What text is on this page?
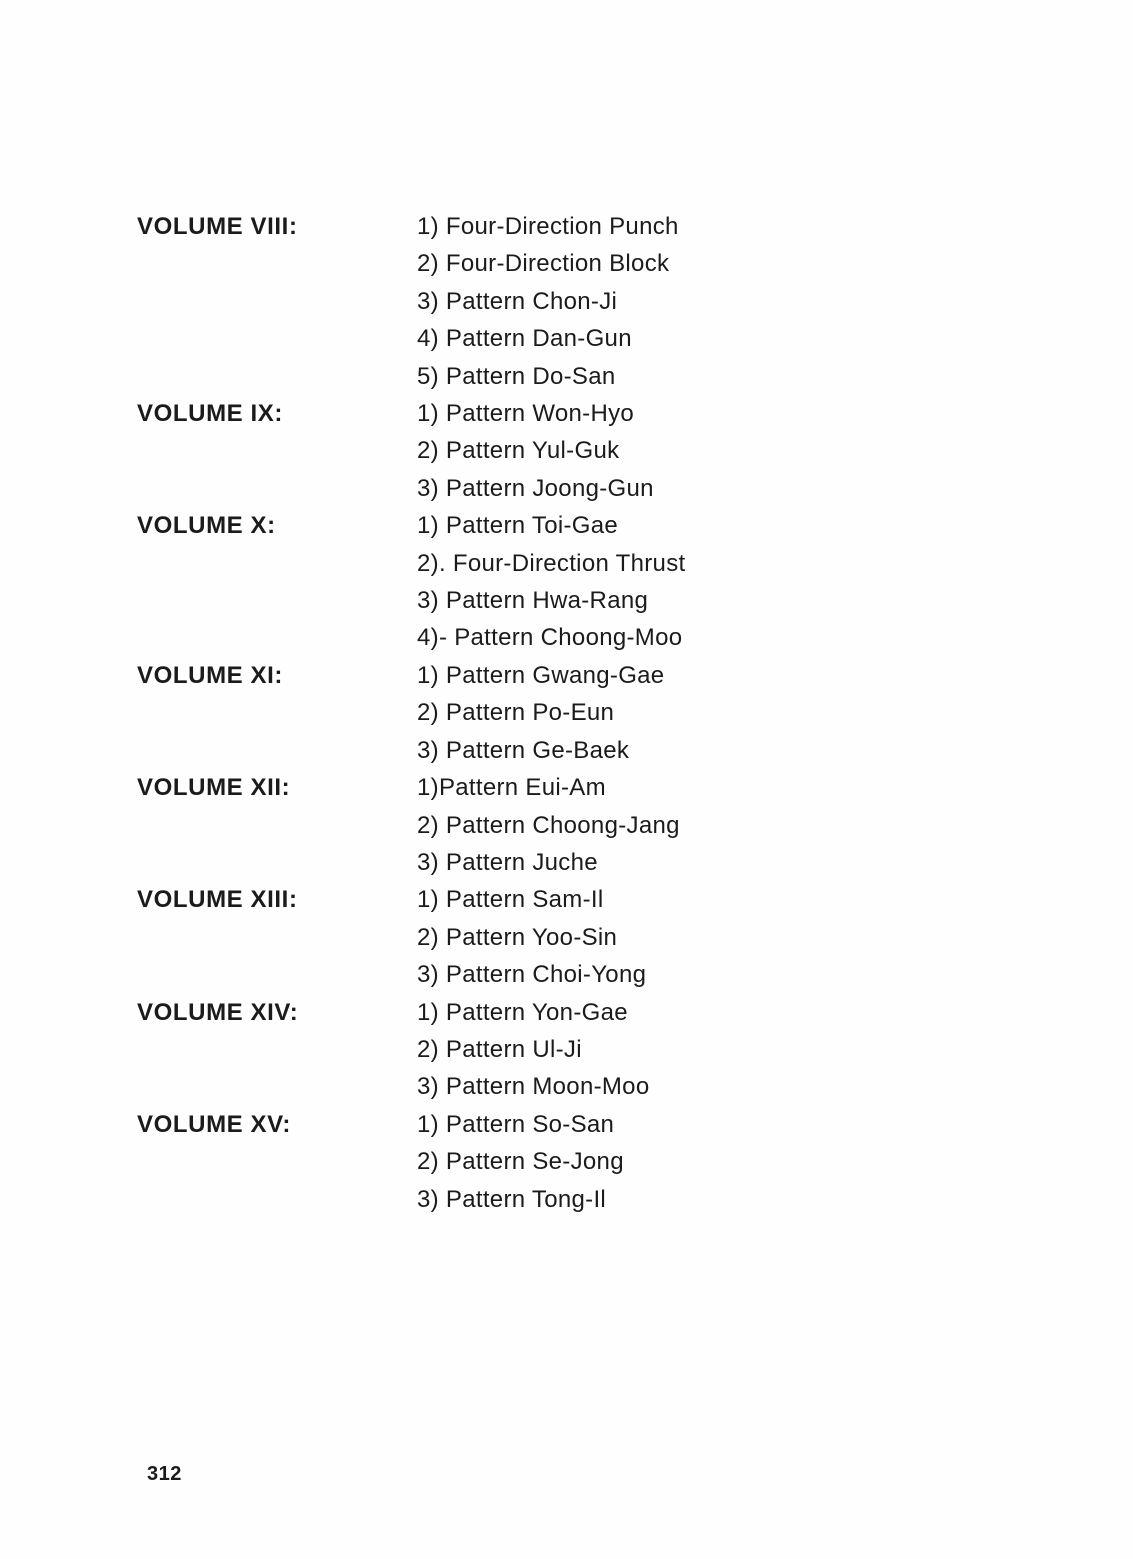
VOLUME VIII:	1) Four-Direction Punch
2) Four-Direction Block
3) Pattern Chon-Ji
4) Pattern Dan-Gun
5) Pattern Do-San
VOLUME IX:	1) Pattern Won-Hyo
2) Pattern Yul-Guk
3) Pattern Joong-Gun
VOLUME X:	1) Pattern Toi-Gae
2). Four-Direction Thrust
3) Pattern Hwa-Rang
4)- Pattern Choong-Moo
VOLUME XI:	1) Pattern Gwang-Gae
2) Pattern Po-Eun
3) Pattern Ge-Baek
VOLUME XII:	1)Pattern Eui-Am
2) Pattern Choong-Jang
3) Pattern Juche
VOLUME XIII:	1) Pattern Sam-Il
2) Pattern Yoo-Sin
3) Pattern Choi-Yong
VOLUME XIV:	1) Pattern Yon-Gae
2) Pattern Ul-Ji
3) Pattern Moon-Moo
VOLUME XV:	1) Pattern So-San
2) Pattern Se-Jong
3) Pattern Tong-Il
312
